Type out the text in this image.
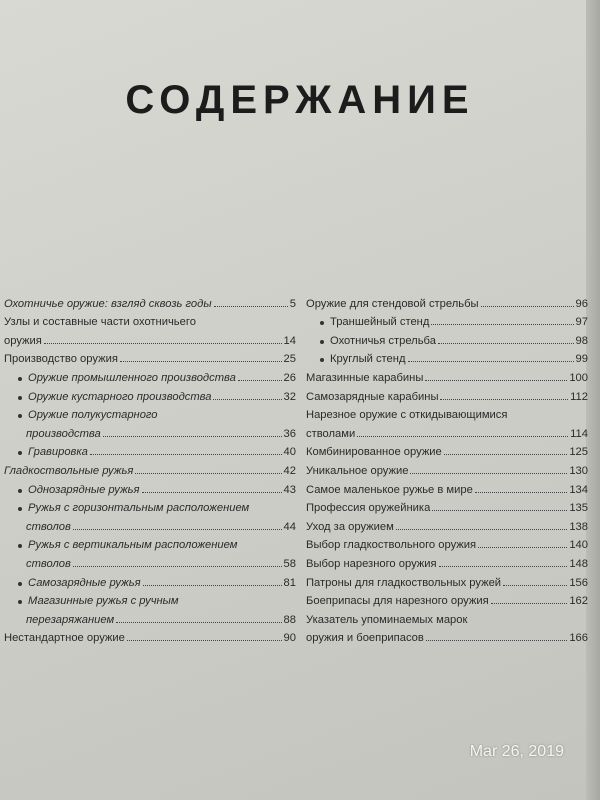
СОДЕРЖАНИЕ
Охотничье оружие: взгляд сквозь годы	5
Узлы и составные части охотничьего
оружия	14
Производство оружия	25
Оружие промышленного производства	26
Оружие кустарного производства	32
Оружие полукустарного
производства	36
Гравировка	40
Гладкоствольные ружья	42
Однозарядные ружья	43
Ружья с горизонтальным расположением
стволов	44
Ружья с вертикальным расположением
стволов	58
Самозарядные ружья	81
Магазинные ружья с ручным
перезаряжанием	88
Нестандартное оружие	90
Оружие для стендовой стрельбы	96
Траншейный стенд	97
Охотничья стрельба	98
Круглый стенд	99
Магазинные карабины	100
Самозарядные карабины	112
Нарезное оружие с откидывающимися
стволами	114
Комбинированное оружие	125
Уникальное оружие	130
Самое маленькое ружье в мире	134
Профессия оружейника	135
Уход за оружием	138
Выбор гладкоствольного оружия	140
Выбор нарезного оружия	148
Патроны для гладкоствольных ружей	156
Боеприпасы для нарезного оружия	162
Указатель упоминаемых марок
оружия и боеприпасов	166
Mar 26, 2019
